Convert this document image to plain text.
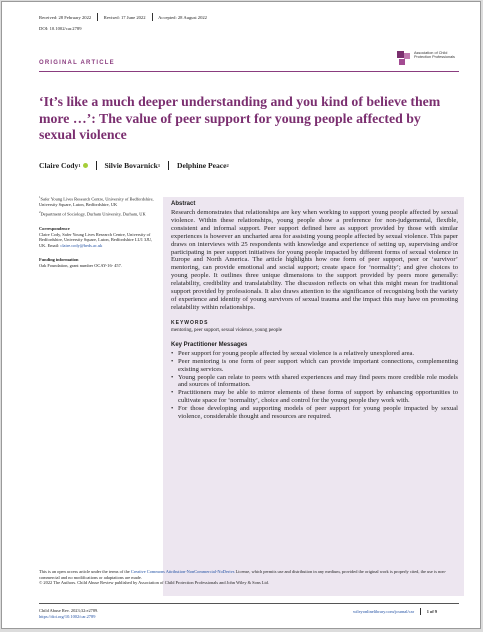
Received: 28 February 2022	Revised: 17 June 2022	Accepted: 28 August 2022
DOI: 10.1002/car.2789
Association of Child Protection Professionals
ORIGINAL ARTICLE
‘It’s like a much deeper understanding and you kind of believe them more …’: The value of peer support for young people affected by sexual violence
Claire Cody 1	Silvie Bovarnick 1 Delphine Peace 2

$^1$Safer Young Lives Research Centre, University of Bedfordshire, University Square, Luton, Bedfordshire, UK

$^2$Department of Sociology, Durham University, Durham, UK

Correspondence

Claire Cody, Safer Young Lives Research Centre, University of Bedfordshire, University Square, Luton, Bedfordshire LU1 3JU, UK. Email: claire.cody@beds.ac.uk

Funding information

Oak Foundation, grant number OCAY-16- 457.

Abstract

Research demonstrates that relationships are key when working to support young people affected by sexual violence. Within these relationships, young people show a preference for non-judgemental, flexible, consistent and informal support. Peer support defined here as support provided by those with similar experiences is however an uncharted area for assisting young people affected by sexual violence. This paper draws on interviews with 25 respondents with knowledge and experience of setting up, supervising and/or participating in peer support initiatives for young people impacted by different forms of sexual violence in Europe and North America. The article highlights how one form of peer support, peer or ‘survivor’ mentoring, can provide emotional and social support; create space for ‘normality’; and give choices to young people. It outlines three unique dimensions to the support provided by peers more generally: relatability, credibility and translatability. The discussion reflects on what this might mean for traditional support provided by professionals. It also draws attention to the significance of recognising both the variety of experience and identity of young survivors of sexual trauma and the impact this may have on promoting relatability within relationships.

KEYWORDS
mentoring, peer support, sexual violence, young people
Key Practitioner Messages
• Peer support for young people affected by sexual violence is a relatively unexplored area.
• Peer mentoring is one form of peer support which can provide important connections, complementing existing services.
• Young people can relate to peers with shared experiences and may find peers more credible role models and sources of information.
• Practitioners may be able to mirror elements of these forms of support by enhancing opportunities to cultivate space for ‘normality’, choice and control for the young people they work with.
• For those developing and supporting models of peer support for young people impacted by sexual violence, considerable thought and resources are required.
This is an open access article under the terms of the Creative Commons Attribution-NonCommercial-NoDerivs License, which permits use and distribution in any medium, provided the original work is properly cited, the use is non-commercial and no modifications or adaptations are made.
© 2022 The Authors. Child Abuse Review published by Association of Child Protection Professionals and John Wiley & Sons Ltd.
Child Abuse Rev. 2023;32:e2789.
https://doi.org/10.1002/car.2789
wileyonlinelibrary.com/journal/car	1 of 9
